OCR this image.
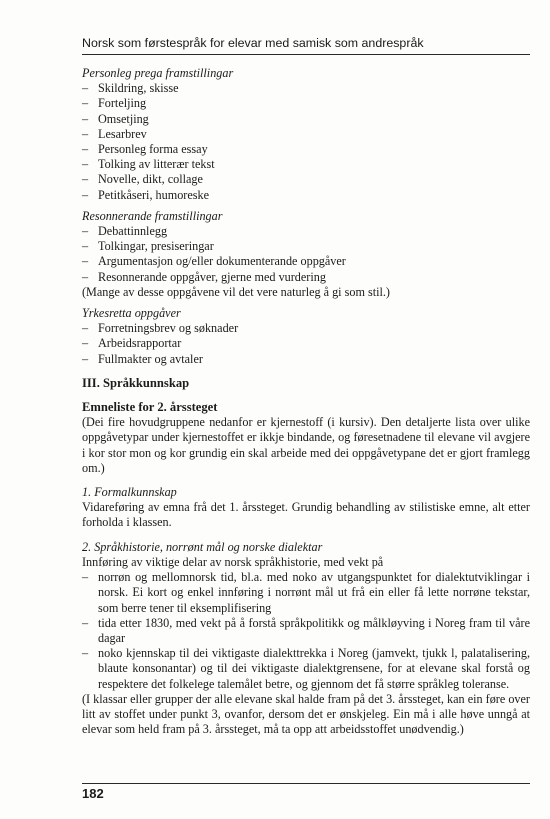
Norsk som førstespråk for elevar med samisk som andrespråk
Personleg prega framstillingar
– Skildring, skisse
– Forteljing
– Omsetjing
– Lesarbrev
– Personleg forma essay
– Tolking av litterær tekst
– Novelle, dikt, collage
– Petitkåseri, humoreske
Resonnerande framstillingar
– Debattinnlegg
– Tolkingar, presiseringar
– Argumentasjon og/eller dokumenterande oppgåver
– Resonnerande oppgåver, gjerne med vurdering
(Mange av desse oppgåvene vil det vere naturleg å gi som stil.)
Yrkesretta oppgåver
– Forretningsbrev og søknader
– Arbeidsrapportar
– Fullmakter og avtaler
III. Språkkunnskap
Emneliste for 2. årssteget
(Dei fire hovudgruppene nedanfor er kjernestoff (i kursiv). Den detaljerte lista over ulike oppgåvetypar under kjernestoffet er ikkje bindande, og føresetnadene til elevane vil avgjere i kor stor mon og kor grundig ein skal arbeide med dei oppgåvetypane det er gjort framlegg om.)
1. Formalkunnskap
Vidareføring av emna frå det 1. årssteget. Grundig behandling av stilistiske emne, alt etter forholda i klassen.
2. Språkhistorie, norrønt mål og norske dialektar
Innføring av viktige delar av norsk språkhistorie, med vekt på
– norrøn og mellomnorsk tid, bl.a. med noko av utgangspunktet for dialektutviklingar i norsk. Ei kort og enkel innføring i norrønt mål ut frå ein eller få lette norrøne tekstar, som berre tener til eksemplifisering
– tida etter 1830, med vekt på å forstå språkpolitikk og målkløyving i Noreg fram til våre dagar
– noko kjennskap til dei viktigaste dialekttrekka i Noreg (jamvekt, tjukk l, palatalisering, blaute konsonantar) og til dei viktigaste dialektgrensene, for at elevane skal forstå og respektere det folkelege talemålet betre, og gjennom det få større språkleg toleranse.
(I klassar eller grupper der alle elevane skal halde fram på det 3. årssteget, kan ein føre over litt av stoffet under punkt 3, ovanfor, dersom det er ønskjeleg. Ein må i alle høve unngå at elevar som held fram på 3. årssteget, må ta opp att arbeidsstoffet unødvendig.)
182
